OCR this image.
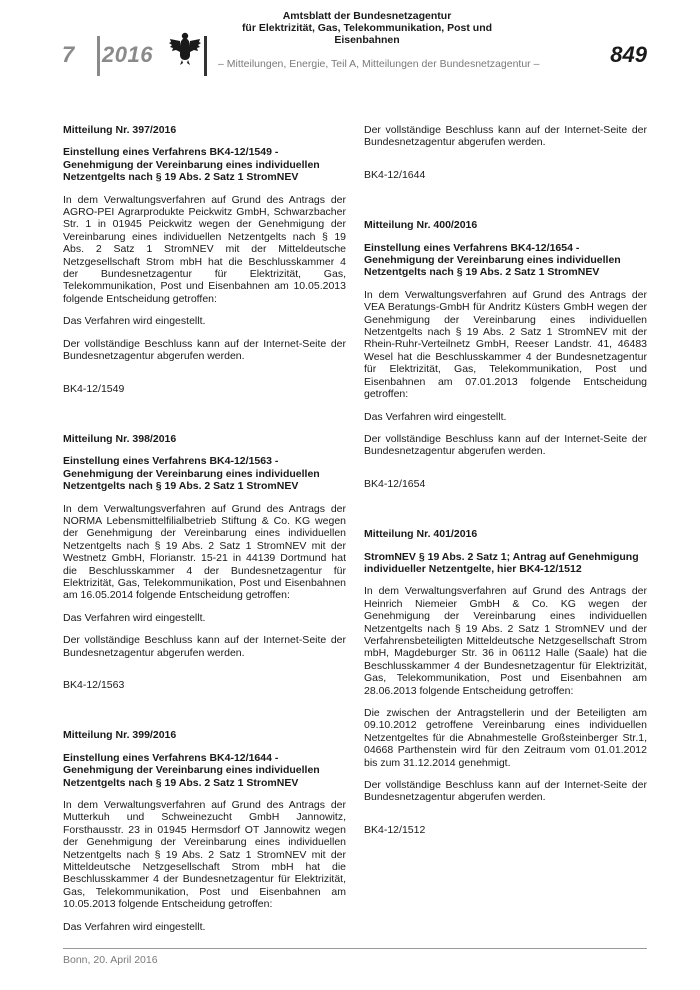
7 2016
Amtsblatt der Bundesnetzagentur
für Elektrizität, Gas, Telekommunikation, Post und Eisenbahnen
– Mitteilungen, Energie, Teil A, Mitteilungen der Bundesnetzagentur –	849
Mitteilung Nr. 397/2016
Einstellung eines Verfahrens BK4-12/1549 - Genehmigung der Vereinbarung eines individuellen Netzentgelts nach § 19 Abs. 2 Satz 1 StromNEV

In dem Verwaltungsverfahren auf Grund des Antrags der AGRO-PEI Agrarprodukte Peickwitz GmbH, Schwarzbacher Str. 1 in 01945 Peickwitz wegen der Genehmigung der Vereinbarung eines individuellen Netzentgelts nach § 19 Abs. 2 Satz 1 StromNEV mit der Mitteldeutsche Netzgesellschaft Strom mbH hat die Beschlusskammer 4 der Bundesnetzagentur für Elektrizität, Gas, Telekommunikation, Post und Eisenbahnen am 10.05.2013 folgende Entscheidung getroffen:

Das Verfahren wird eingestellt.

Der vollständige Beschluss kann auf der Internet-Seite der Bundesnetzagentur abgerufen werden.

BK4-12/1549

Mitteilung Nr. 398/2016
Einstellung eines Verfahrens BK4-12/1563 - Genehmigung der Vereinbarung eines individuellen Netzentgelts nach § 19 Abs. 2 Satz 1 StromNEV

In dem Verwaltungsverfahren auf Grund des Antrags der NORMA Lebensmittelfilialbetrieb Stiftung & Co. KG wegen der Genehmigung der Vereinbarung eines individuellen Netzentgelts nach § 19 Abs. 2 Satz 1 StromNEV mit der Westnetz GmbH, Florianstr. 15-21 in 44139 Dortmund hat die Beschlusskammer 4 der Bundesnetzagentur für Elektrizität, Gas, Telekommunikation, Post und Eisenbahnen am 16.05.2014 folgende Entscheidung getroffen:

Das Verfahren wird eingestellt.

Der vollständige Beschluss kann auf der Internet-Seite der Bundesnetzagentur abgerufen werden.

BK4-12/1563

Mitteilung Nr. 399/2016
Einstellung eines Verfahrens BK4-12/1644 - Genehmigung der Vereinbarung eines individuellen Netzentgelts nach § 19 Abs. 2 Satz 1 StromNEV

In dem Verwaltungsverfahren auf Grund des Antrags der Mutterkuh und Schweinezucht GmbH Jannowitz, Forsthausstr. 23 in 01945 Hermsdorf OT Jannowitz wegen der Genehmigung der Vereinbarung eines individuellen Netzentgelts nach § 19 Abs. 2 Satz 1 StromNEV mit der Mitteldeutsche Netzgesellschaft Strom mbH hat die Beschlusskammer 4 der Bundesnetzagentur für Elektrizität, Gas, Telekommunikation, Post und Eisenbahnen am 10.05.2013 folgende Entscheidung getroffen:

Das Verfahren wird eingestellt.

Der vollständige Beschluss kann auf der Internet-Seite der Bundesnetzagentur abgerufen werden.

BK4-12/1644

Mitteilung Nr. 400/2016
Einstellung eines Verfahrens BK4-12/1654 - Genehmigung der Vereinbarung eines individuellen Netzentgelts nach § 19 Abs. 2 Satz 1 StromNEV

In dem Verwaltungsverfahren auf Grund des Antrags der VEA Beratungs-GmbH für Andritz Küsters GmbH wegen der Genehmigung der Vereinbarung eines individuellen Netzentgelts nach § 19 Abs. 2 Satz 1 StromNEV mit der Rhein-Ruhr-Verteilnetz GmbH, Reeser Landstr. 41, 46483 Wesel hat die Beschlusskammer 4 der Bundesnetzagentur für Elektrizität, Gas, Telekommunikation, Post und Eisenbahnen am 07.01.2013 folgende Entscheidung getroffen:

Das Verfahren wird eingestellt.

Der vollständige Beschluss kann auf der Internet-Seite der Bundesnetzagentur abgerufen werden.

BK4-12/1654

Mitteilung Nr. 401/2016
StromNEV § 19 Abs. 2 Satz 1; Antrag auf Genehmigung individueller Netzentgelte, hier BK4-12/1512

In dem Verwaltungsverfahren auf Grund des Antrags der Heinrich Niemeier GmbH & Co. KG wegen der Genehmigung der Vereinbarung eines individuellen Netzentgelts nach § 19 Abs. 2 Satz 1 StromNEV und der Verfahrensbeteiligten Mitteldeutsche Netzgesellschaft Strom mbH, Magdeburger Str. 36 in 06112 Halle (Saale) hat die Beschlusskammer 4 der Bundesnetzagentur für Elektrizität, Gas, Telekommunikation, Post und Eisenbahnen am 28.06.2013 folgende Entscheidung getroffen:

Die zwischen der Antragstellerin und der Beteiligten am 09.10.2012 getroffene Vereinbarung eines individuellen Netzentgeltes für die Abnahmestelle Großsteinberger Str.1, 04668 Parthenstein wird für den Zeitraum vom 01.01.2012 bis zum 31.12.2014 genehmigt.

Der vollständige Beschluss kann auf der Internet-Seite der Bundesnetzagentur abgerufen werden.

BK4-12/1512

Bonn, 20. April 2016
